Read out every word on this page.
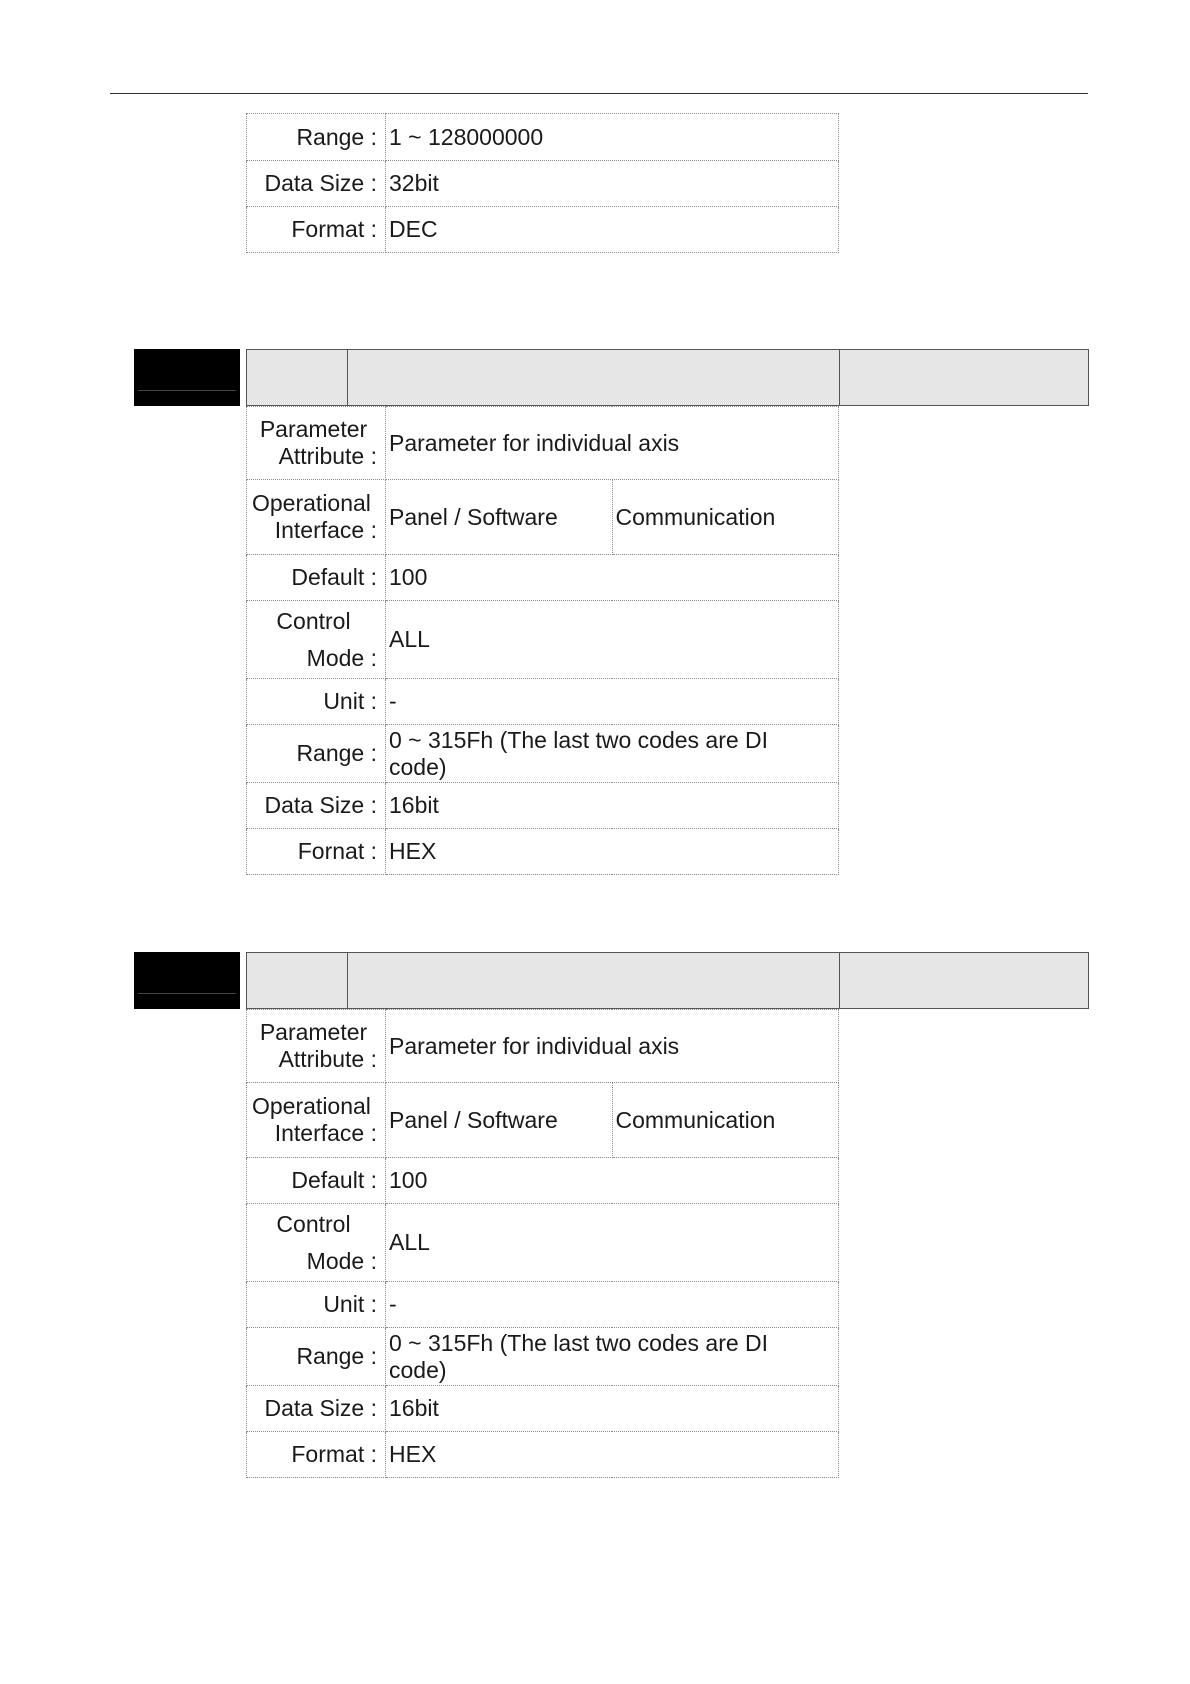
Range :	1 ~ 128000000
Data Size :	32bit
Format :	DEC
Parameter
Attribute :	Parameter for individual axis	

Operational
Interface :	Panel / Software	Communication
Default :	100	

Control
Mode :	ALL	
Unit :	-	
Range :	0 ~ 315Fh (The last two codes are DI
code)	

Data Size :	16bit	
Fornat :	HEX	
Parameter
Attribute :	Parameter for individual axis	

Operational
Interface :	Panel / Software	Communication
Default :	100	

Control
Mode :	ALL	
Unit :	-	
Range :	0 ~ 315Fh (The last two codes are DI
code)	

Data Size :	16bit	
Format :	HEX	
